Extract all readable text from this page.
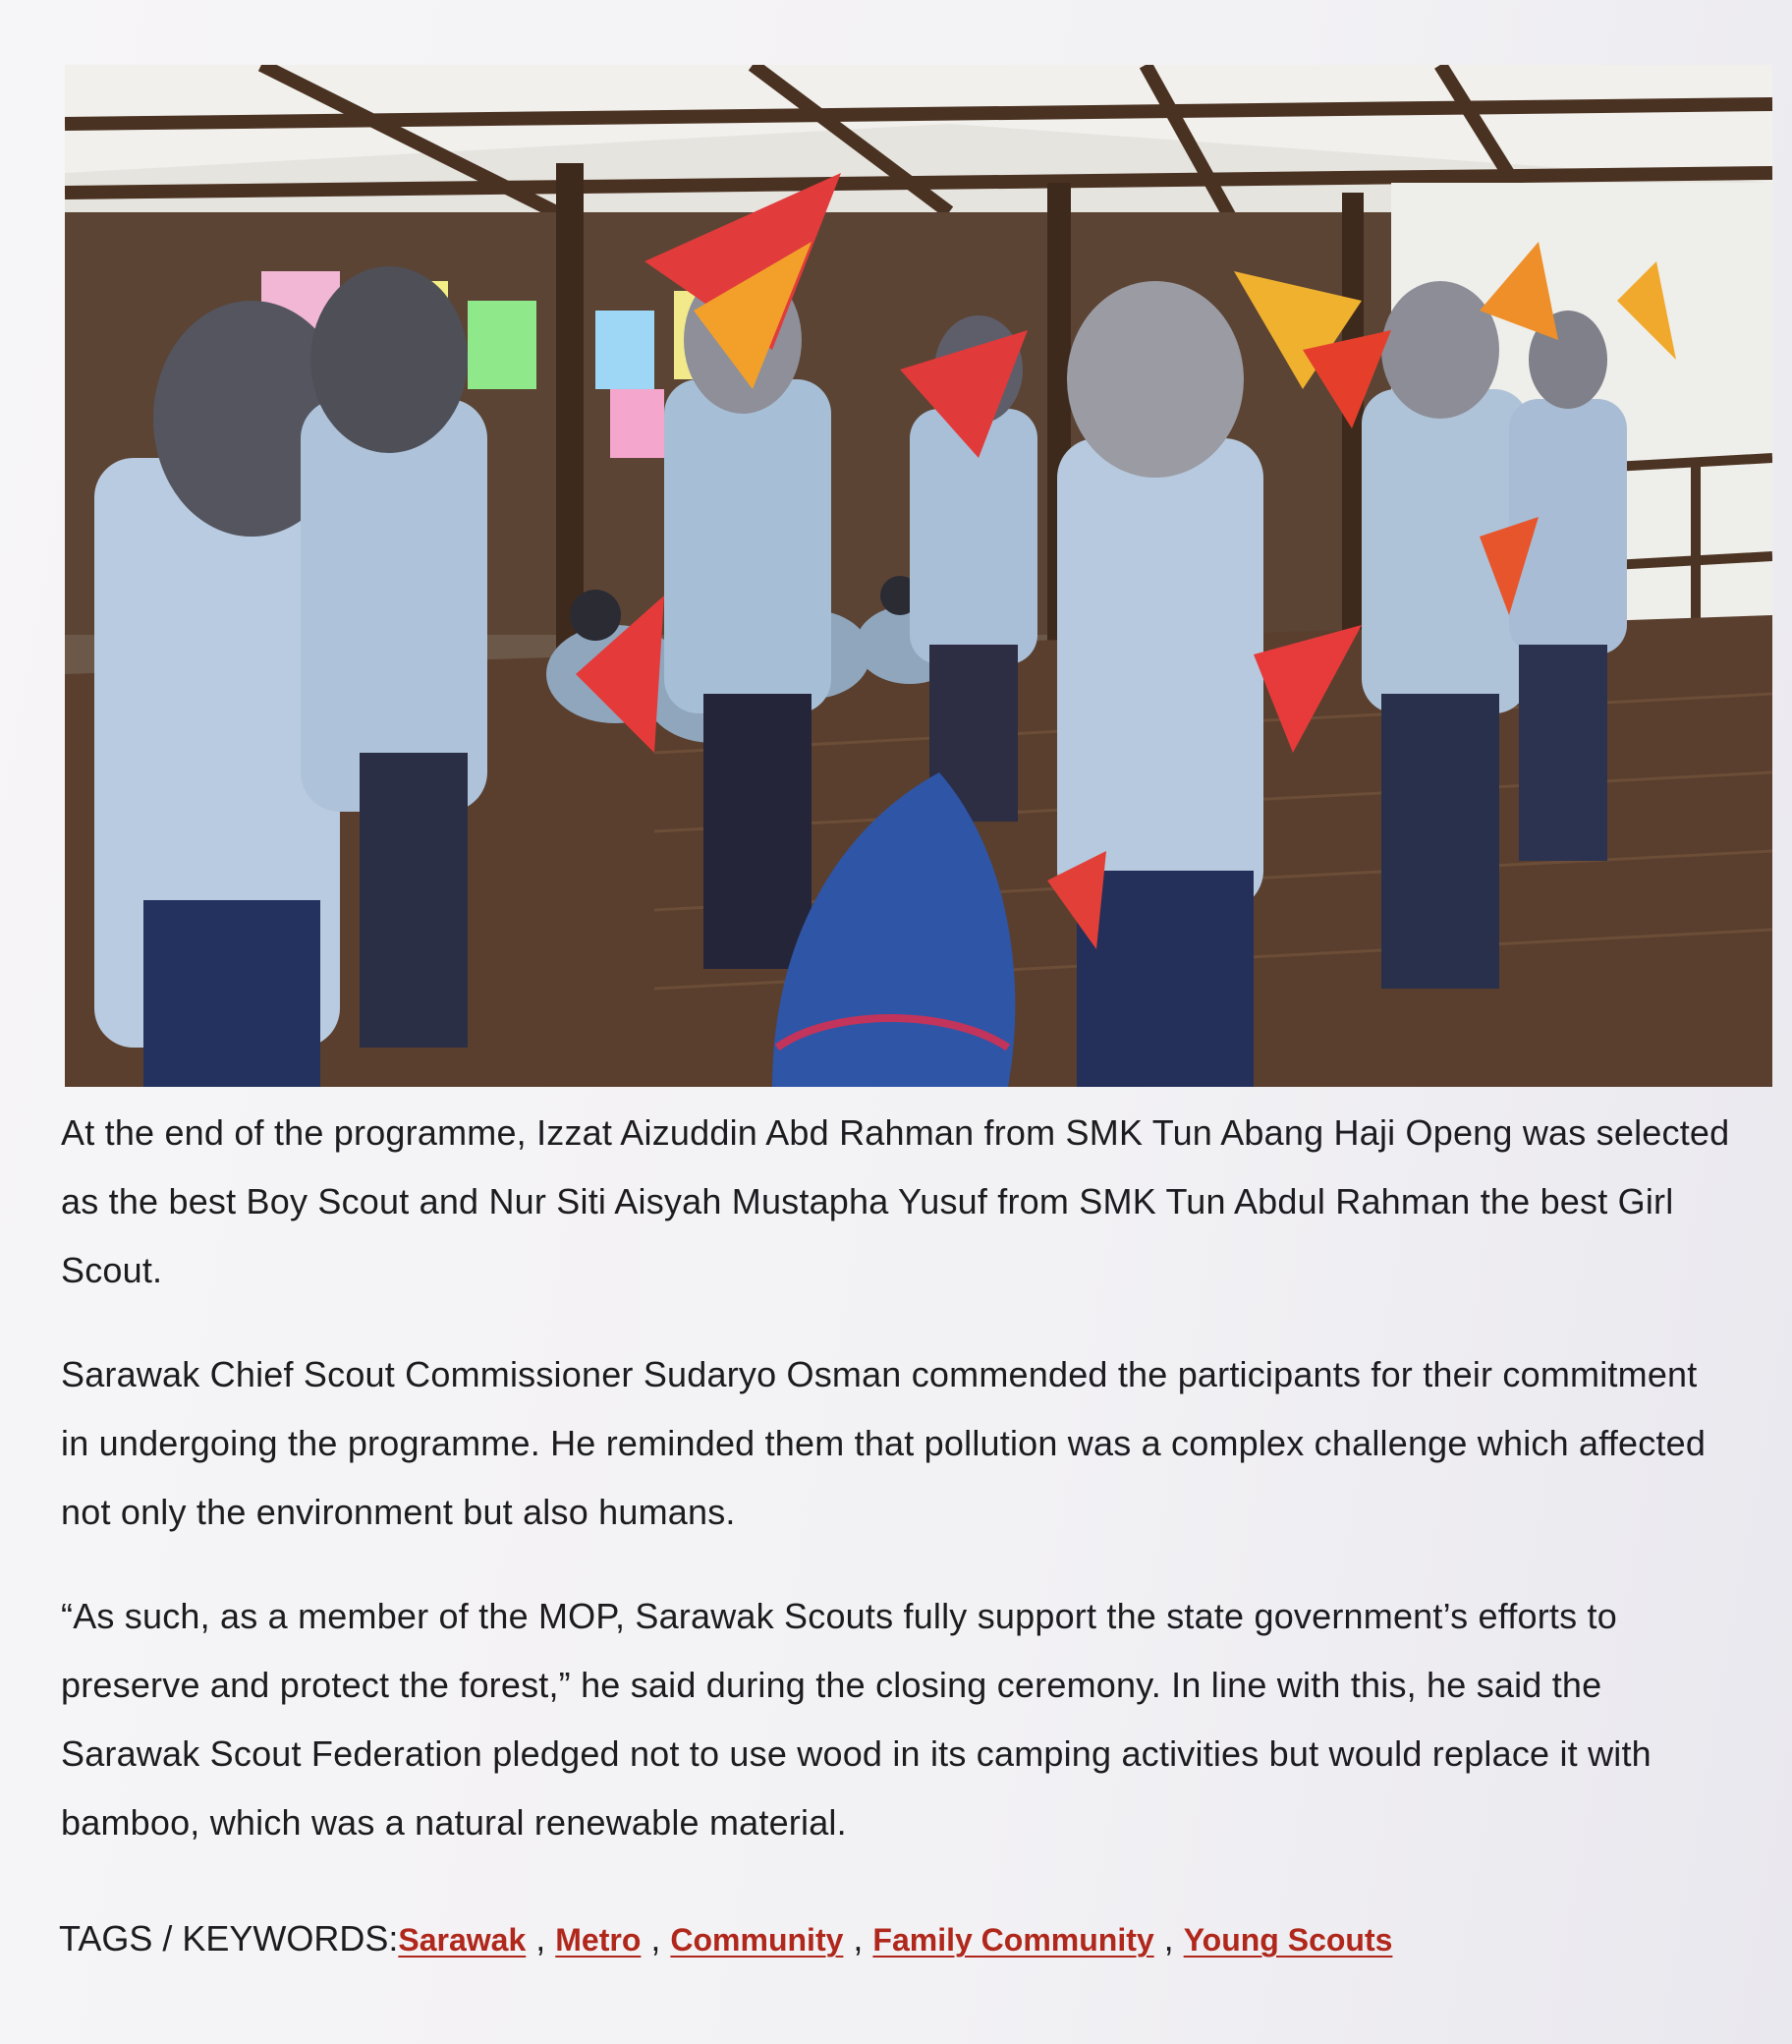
At the end of the programme, Izzat Aizuddin Abd Rahman from SMK Tun Abang Haji Openg was selected as the best Boy Scout and Nur Siti Aisyah Mustapha Yusuf from SMK Tun Abdul Rahman the best Girl Scout.

Sarawak Chief Scout Commissioner Sudaryo Osman commended the participants for their commitment in undergoing the programme. He reminded them that pollution was a complex challenge which affected not only the environment but also humans.

“As such, as a member of the MOP, Sarawak Scouts fully support the state government’s efforts to preserve and protect the forest,” he said during the closing ceremony. In line with this, he said the Sarawak Scout Federation pledged not to use wood in its camping activities but would replace it with bamboo, which was a natural renewable material.

TAGS / KEYWORDS:Sarawak , Metro , Community , Family Community , Young Scouts
